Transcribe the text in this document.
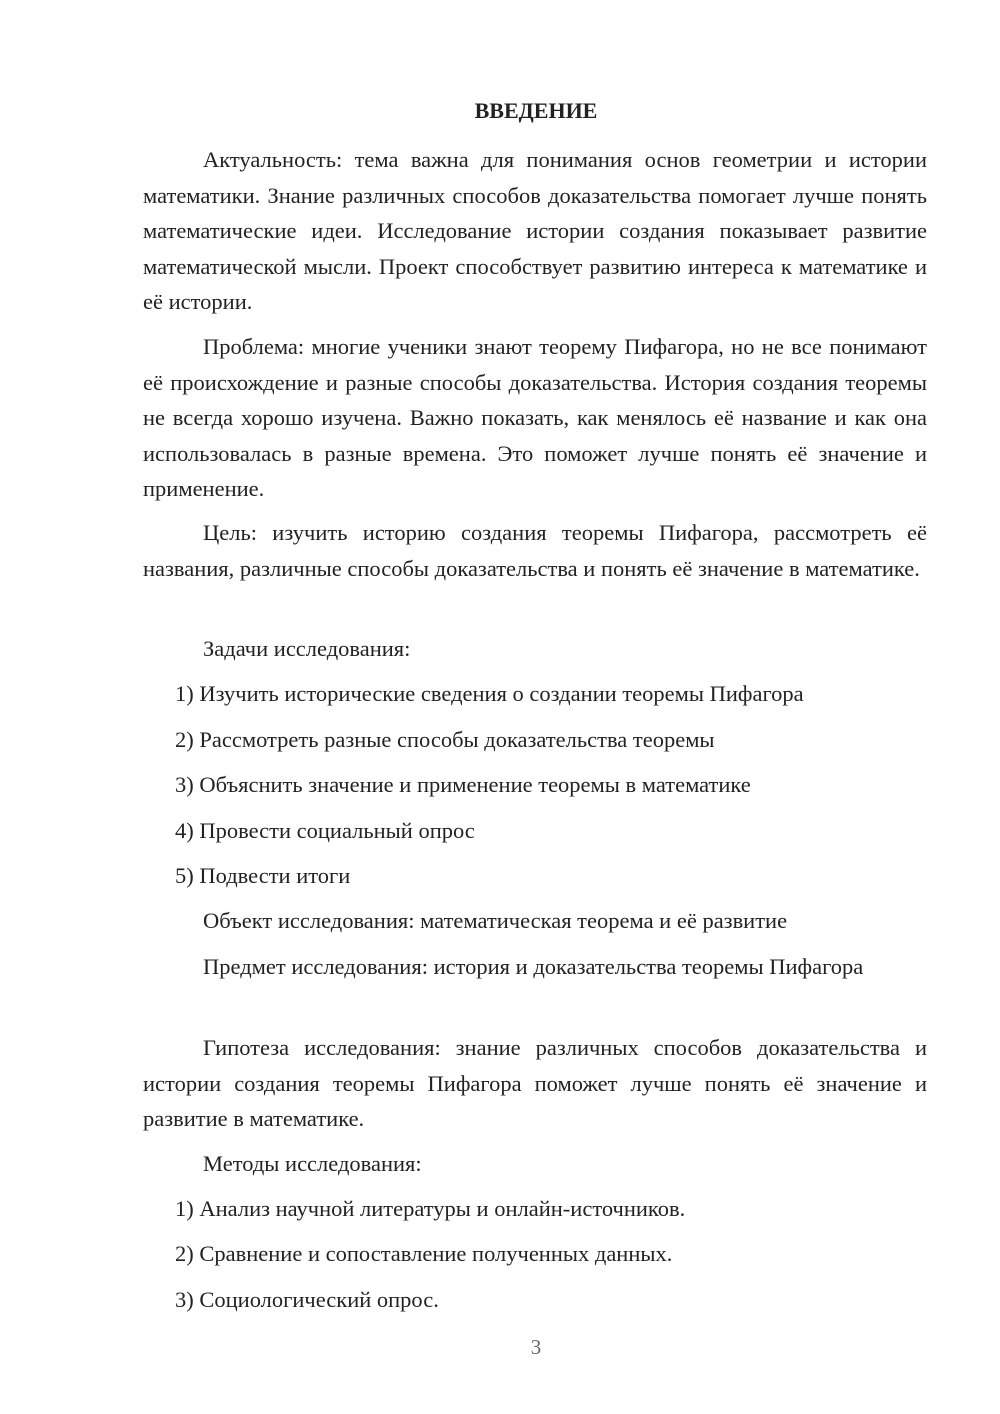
ВВЕДЕНИЕ

Актуальность: тема важна для понимания основ геометрии и истории математики. Знание различных способов доказательства помогает лучше понять математические идеи. Исследование истории создания показывает развитие математической мысли. Проект способствует развитию интереса к математике и её истории.

Проблема: многие ученики знают теорему Пифагора, но не все понимают её происхождение и разные способы доказательства. История создания теоремы не всегда хорошо изучена. Важно показать, как менялось её название и как она использовалась в разные времена. Это поможет лучше понять её значение и применение.

Цель: изучить историю создания теоремы Пифагора, рассмотреть её названия, различные способы доказательства и понять её значение в математике.

Задачи исследования:

1) Изучить исторические сведения о создании теоремы Пифагора

2) Рассмотреть разные способы доказательства теоремы

3) Объяснить значение и применение теоремы в математике

4) Провести социальный опрос

5) Подвести итоги

Объект исследования: математическая теорема и её развитие

Предмет исследования: история и доказательства теоремы Пифагора

Гипотеза исследования: знание различных способов доказательства и истории создания теоремы Пифагора поможет лучше понять её значение и развитие в математике.

Методы исследования:

1) Анализ научной литературы и онлайн-источников.

2) Сравнение и сопоставление полученных данных.

3) Социологический опрос.

3
